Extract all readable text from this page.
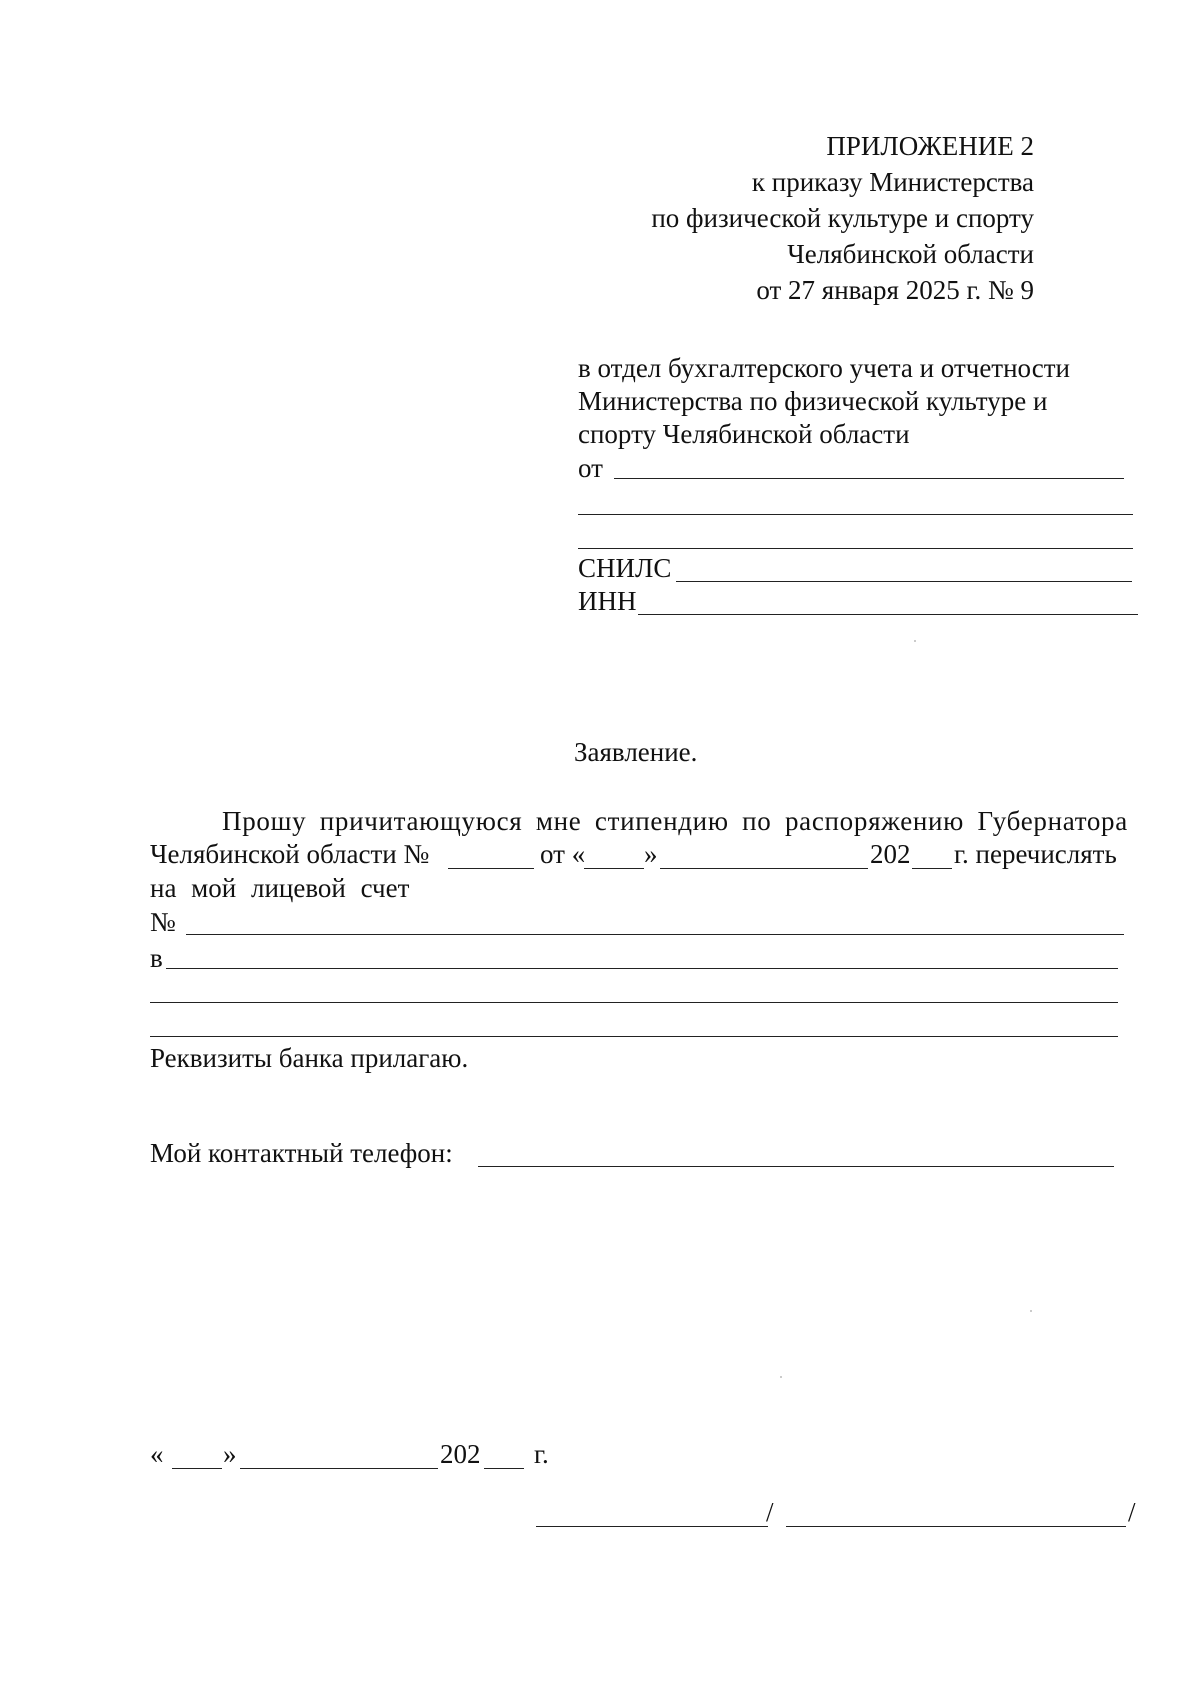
ПРИЛОЖЕНИЕ 2
к приказу Министерства
по физической культуре и спорту
Челябинской области
от 27 января 2025 г. № 9
в отдел бухгалтерского учета и отчетности
Министерства по физической культуре и
спорту Челябинской области
от
СНИЛС
ИНН
Заявление.
Прошу причитающуюся мне стипендию по распоряжению Губернатора
Челябинской области №	от « »	202 г. перечислять
на мой лицевой счет
№
в
Реквизиты банка прилагаю.
Мой контактный телефон:
« »	202 г.
/	/
